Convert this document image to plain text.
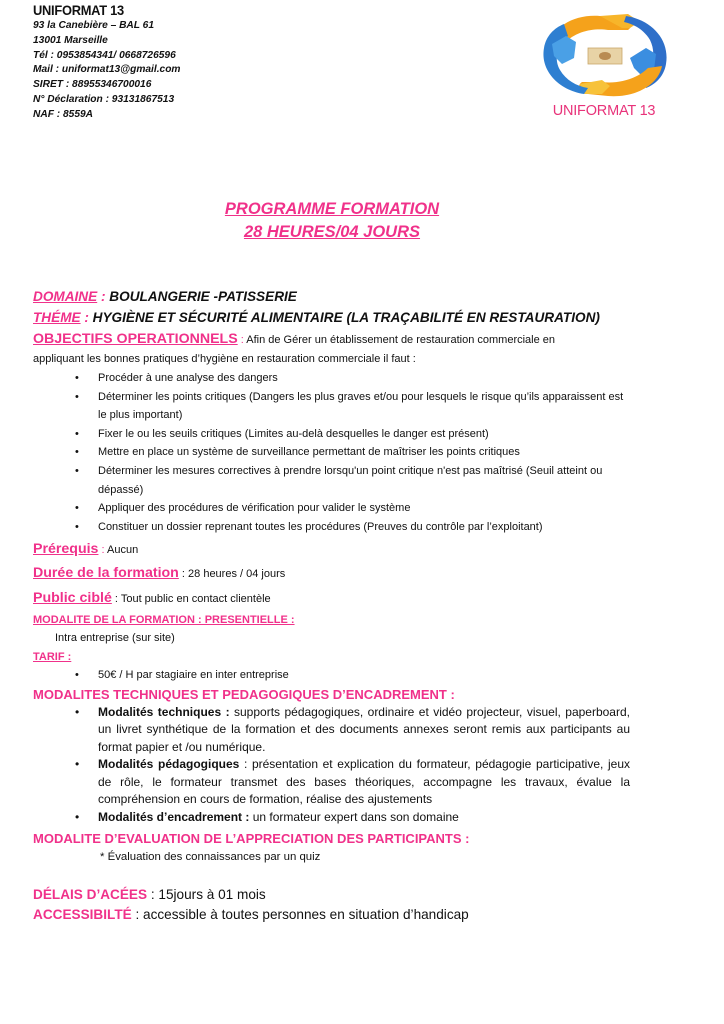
UNIFORMAT 13
93 la Canebière – BAL 61
13001 Marseille
Tél : 0953854341/ 0668726596
Mail : uniformat13@gmail.com
SIRET : 88955346700016
N° Déclaration : 93131867513
NAF : 8559A	UNIFORMAT 13
PROGRAMME FORMATION
28 HEURES/04 JOURS
DOMAINE : BOULANGERIE -PATISSERIE
THÉME : HYGIÈNE ET SÉCURITÉ ALIMENTAIRE (LA TRAÇABILITÉ EN RESTAURATION)
OBJECTIFS OPERATIONNELS : Afin de Gérer un établissement de restauration commerciale en
appliquant les bonnes pratiques d’hygiène en restauration commerciale il faut :
• Procéder à une analyse des dangers
• Déterminer les points critiques (Dangers les plus graves et/ou pour lesquels le risque qu’ils apparaissent est le plus important)
• Fixer le ou les seuils critiques (Limites au-delà desquelles le danger est présent)
• Mettre en place un système de surveillance permettant de maîtriser les points critiques
• Déterminer les mesures correctives à prendre lorsqu'un point critique n'est pas maîtrisé (Seuil atteint ou dépassé)
• Appliquer des procédures de vérification pour valider le système
• Constituer un dossier reprenant toutes les procédures (Preuves du contrôle par l’exploitant)
Prérequis : Aucun
Durée de la formation : 28 heures / 04 jours
Public ciblé : Tout public en contact clientèle
MODALITE DE LA FORMATION : PRESENTIELLE :
Intra entreprise (sur site)
TARIF :
• 50€ / H par stagiaire en inter entreprise
MODALITES TECHNIQUES ET PEDAGOGIQUES D’ENCADREMENT :
• Modalités techniques : supports pédagogiques, ordinaire et vidéo projecteur, visuel, paperboard, un livret synthétique de la formation et des documents annexes seront remis aux participants au format papier et /ou numérique.
• Modalités pédagogiques : présentation et explication du formateur, pédagogie participative, jeux de rôle, le formateur transmet des bases théoriques, accompagne les travaux, évalue la compréhension en cours de formation, réalise des ajustements
• Modalités d’encadrement : un formateur expert dans son domaine
MODALITE D’EVALUATION DE L’APPRECIATION DES PARTICIPANTS :
* Évaluation des connaissances par un quiz
DÉLAIS D’ACÉES : 15jours à 01 mois
ACCESSIBILTÉ : accessible à toutes personnes en situation d’handicap
